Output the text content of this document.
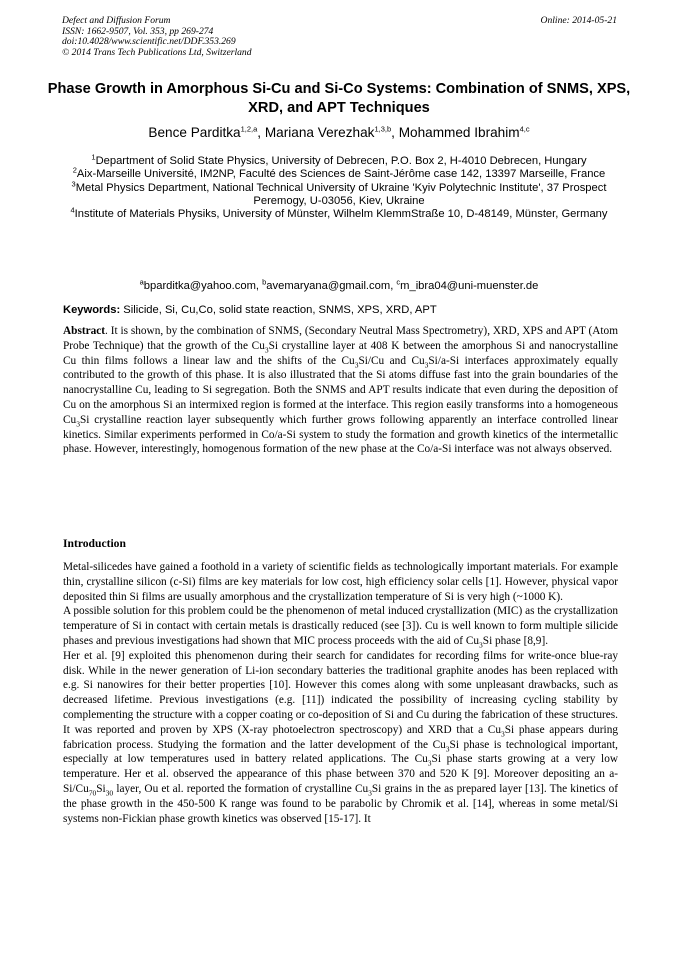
Defect and Diffusion Forum
ISSN: 1662-9507, Vol. 353, pp 269-274
doi:10.4028/www.scientific.net/DDF.353.269
© 2014 Trans Tech Publications Ltd, Switzerland
Online: 2014-05-21
Phase Growth in Amorphous Si-Cu and Si-Co Systems: Combination of SNMS, XPS, XRD, and APT Techniques
Bence Parditka$^{1,2,a}$, Mariana Verezhak$^{1,3,b}$, Mohammed Ibrahim$^{4,c}$

$^1$Department of Solid State Physics, University of Debrecen, P.O. Box 2, H-4010 Debrecen, Hungary

$^2$Aix-Marseille Université, IM2NP, Faculté des Sciences de Saint-Jérôme case 142, 13397 Marseille, France

$^3$Metal Physics Department, National Technical University of Ukraine 'Kyiv Polytechnic Institute', 37 Prospect Peremogy, U-03056, Kiev, Ukraine

$^4$Institute of Materials Physiks, University of Münster, Wilhelm KlemmStraße 10, D-48149, Münster, Germany

$^a$bparditka@yahoo.com, $^b$avemaryana@gmail.com, $^c$m_ibra04@uni-muenster.de
Keywords: Silicide, Si, Cu,Co, solid state reaction, SNMS, XPS, XRD, APT
Abstract. It is shown, by the combination of SNMS, (Secondary Neutral Mass Spectrometry), XRD, XPS and APT (Atom Probe Technique) that the growth of the $Cu_3Si$ crystalline layer at 408 K between the amorphous Si and nanocrystalline Cu thin films follows a linear law and the shifts of the $Cu_3Si/Cu$ and $Cu_3Si/a-Si$ interfaces approximately equally contributed to the growth of this phase. It is also illustrated that the Si atoms diffuse fast into the grain boundaries of the nanocrystalline Cu, leading to Si segregation. Both the SNMS and APT results indicate that even during the deposition of Cu on the amorphous Si an intermixed region is formed at the interface. This region easily transforms into a homogeneous $Cu_3Si$ crystalline reaction layer subsequently which further grows following apparently an interface controlled linear kinetics. Similar experiments performed in Co/a-Si system to study the formation and growth kinetics of the intermetallic phase. However, interestingly, homogenous formation of the new phase at the Co/a-Si interface was not always observed.
Introduction

Metal-silicedes have gained a foothold in a variety of scientific fields as technologically important materials. For example thin, crystalline silicon (c-Si) films are key materials for low cost, high efficiency solar cells [1]. However, physical vapor deposited thin Si films are usually amorphous and the crystallization temperature of Si is very high (~1000 K).

A possible solution for this problem could be the phenomenon of metal induced crystallization (MIC) as the crystallization temperature of Si in contact with certain metals is drastically reduced (see [3]). Cu is well known to form multiple silicide phases and previous investigations had shown that MIC process proceeds with the aid of $Cu_3Si$ phase [8,9].

Her et al. [9] exploited this phenomenon during their search for candidates for recording films for write-once blue-ray disk. While in the newer generation of Li-ion secondary batteries the traditional graphite anodes has been replaced with e.g. Si nanowires for their better properties [10]. However this comes along with some unpleasant drawbacks, such as decreased lifetime. Previous investigations (e.g. [11]) indicated the possibility of increasing cycling stability by complementing the structure with a copper coating or co-deposition of Si and Cu during the fabrication of these structures. It was reported and proven by XPS (X-ray photoelectron spectroscopy) and XRD that a $Cu_3Si$ phase appears during fabrication process. Studying the formation and the latter development of the $Cu_3Si$ phase is technological important, especially at low temperatures used in battery related applications. The $Cu_3Si$ phase starts growing at a very low temperature. Her et al. observed the appearance of this phase between 370 and 520 K [9]. Moreover depositing an $a-Si/Cu_{70}Si_{30}$ layer, Ou et al. reported the formation of crystalline $Cu_3Si$ grains in the as prepared layer [13]. The kinetics of the phase growth in the 450-500 K range was found to be parabolic by Chromik et al. [14], whereas in some metal/Si systems non-Fickian phase growth kinetics was observed [15-17]. It
